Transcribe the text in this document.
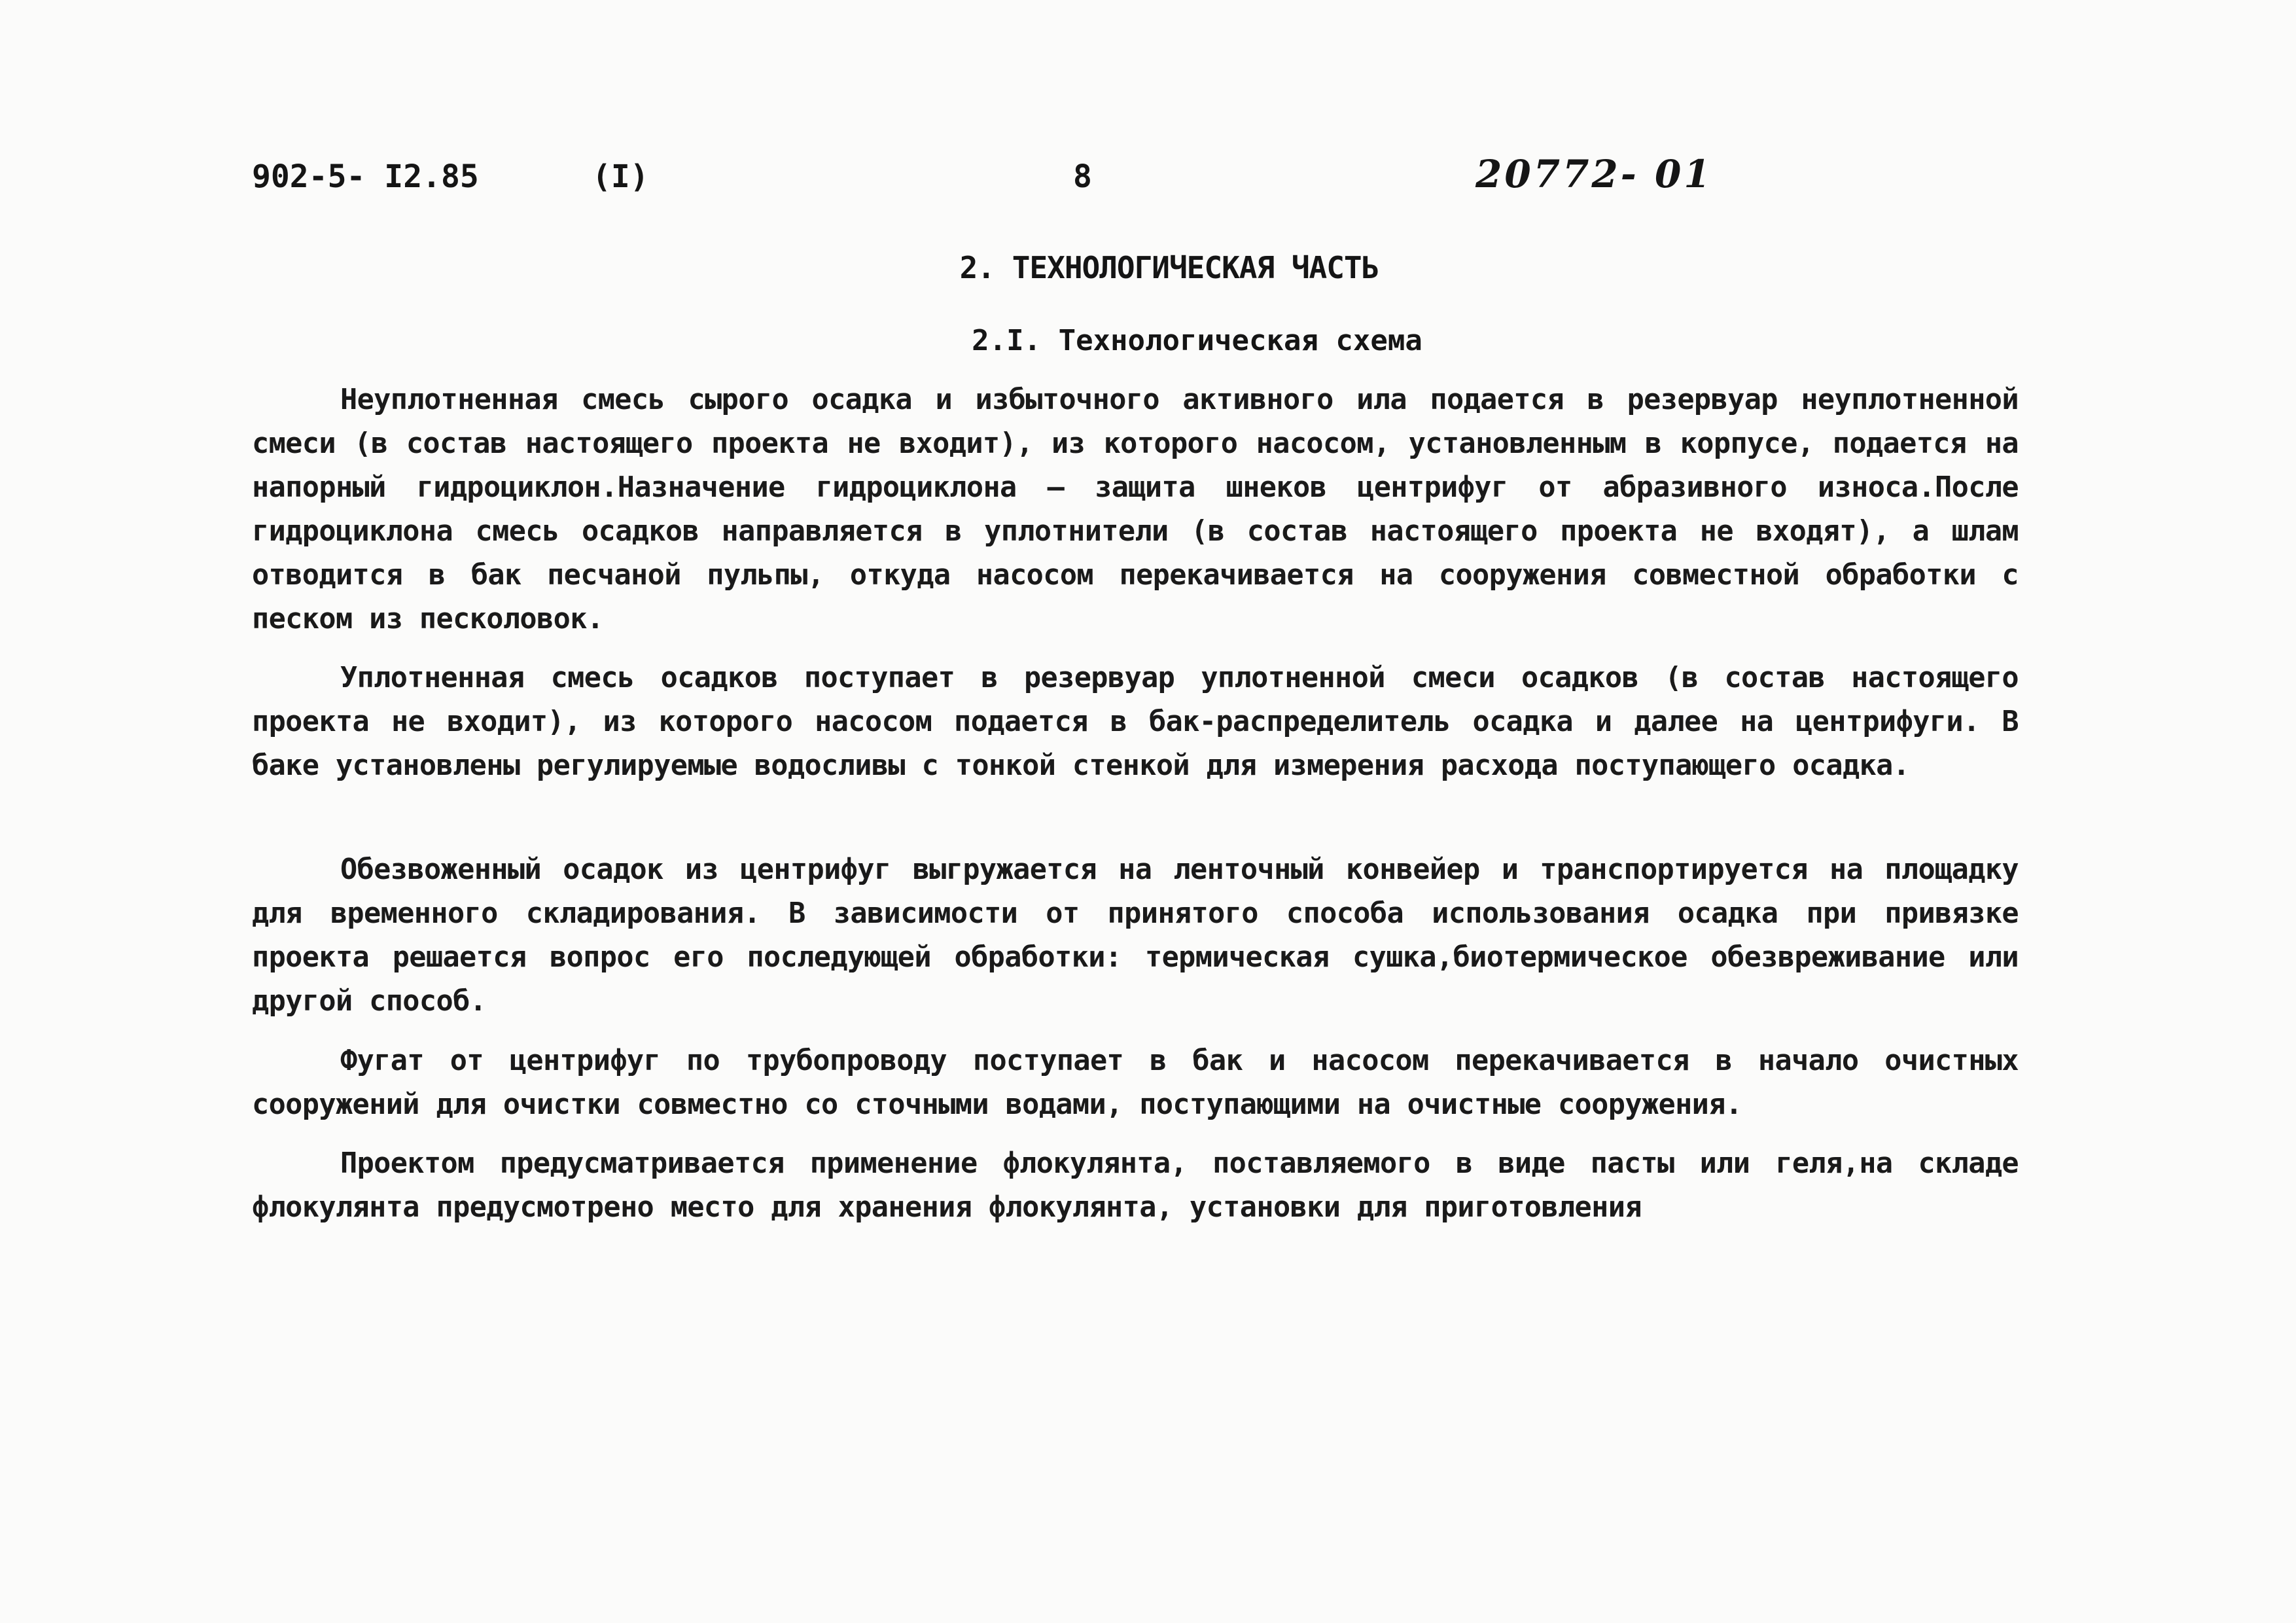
902-5- I2.85	(I)	8	20772- 01
2. ТЕХНОЛОГИЧЕСКАЯ ЧАСТЬ
2.I. Технологическая схема

Неуплотненная смесь сырого осадка и избыточного активного ила подается в резервуар неуплотненной смеси (в состав настоящего проекта не входит), из которого насосом, установленным в корпусе, подается на напорный гидроциклон.Назначение гидроциклона – защита шнеков центрифуг от абразивного износа.После гидроциклона смесь осадков направляется в уплотнители (в состав настоящего проекта не входят), а шлам отводится в бак песчаной пульпы, откуда насосом перекачивается на сооружения совместной обработки с песком из песколовок.

Уплотненная смесь осадков поступает в резервуар уплотненной смеси осадков (в состав настоящего проекта не входит), из которого насосом подается в бак-распределитель осадка и далее на центрифуги. В баке установлены регулируемые водосливы с тонкой стенкой для измерения расхода поступающего осадка.

Обезвоженный осадок из центрифуг выгружается на ленточный конвейер и транспортируется на площадку для временного складирования. В зависимости от принятого способа использования осадка при привязке проекта решается вопрос его последующей обработки: термическая сушка,биотермическое обезвреживание или другой способ.

Фугат от центрифуг по трубопроводу поступает в бак и насосом перекачивается в начало очистных сооружений для очистки совместно со сточными водами, поступающими на очистные сооружения.

Проектом предусматривается применение флокулянта, поставляемого в виде пасты или геля,на складе флокулянта предусмотрено место для хранения флокулянта, установки для приготовления
